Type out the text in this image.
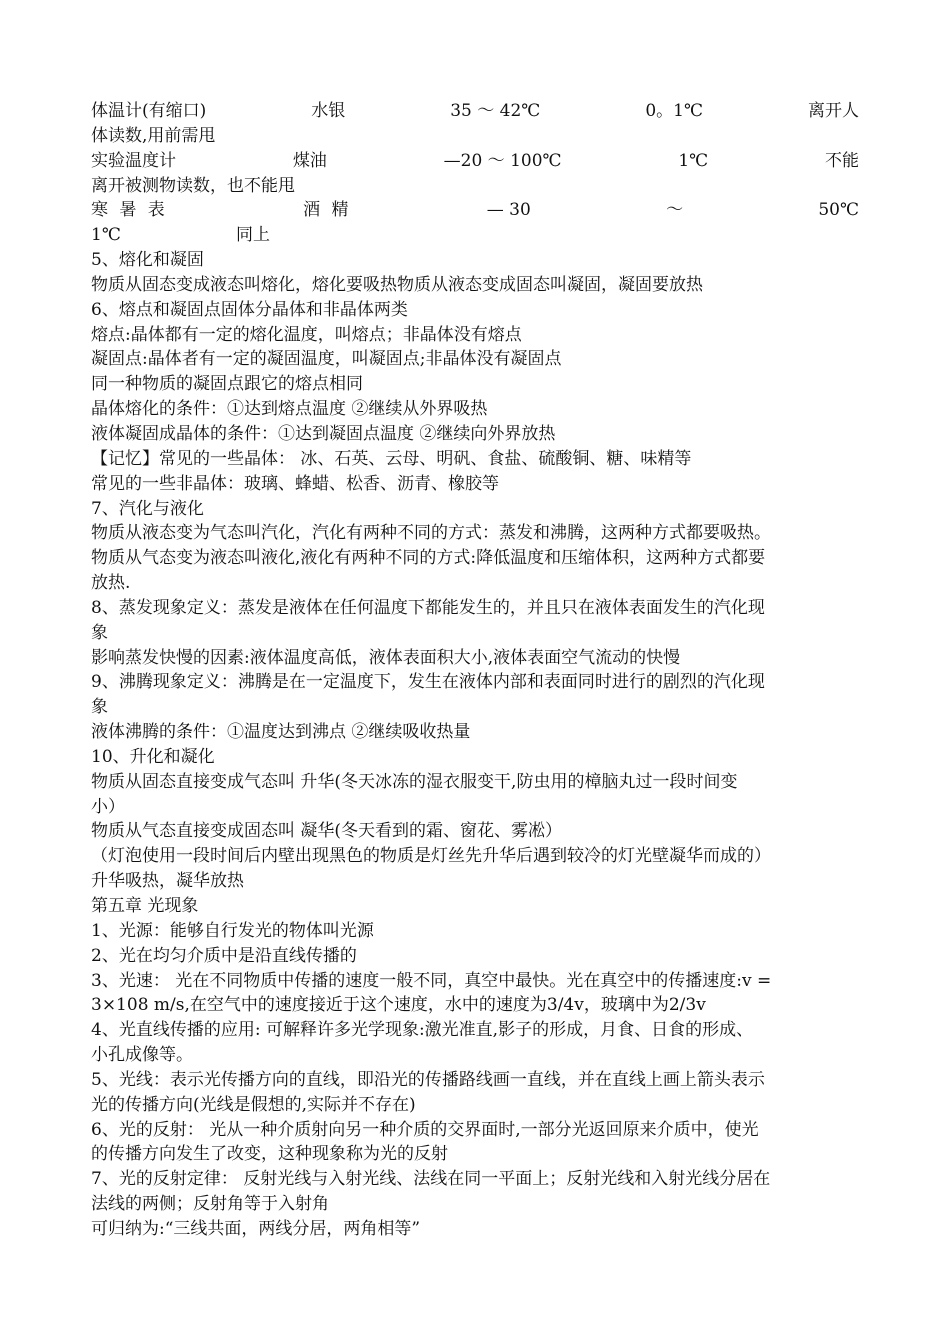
体温计(有缩口)	水银	35 ～ 42℃	0。1℃	离开人
体读数,用前需甩
实验温度计	煤油	—20 ～ 100℃	1℃	不能
离开被测物读数，也不能甩
寒 暑 表	酒 精	— 30	～	50℃
1℃	同上
5、熔化和凝固
物质从固态变成液态叫熔化，熔化要吸热物质从液态变成固态叫凝固，凝固要放热
6、熔点和凝固点固体分晶体和非晶体两类
熔点:晶体都有一定的熔化温度，叫熔点；非晶体没有熔点
凝固点:晶体者有一定的凝固温度，叫凝固点;非晶体没有凝固点
同一种物质的凝固点跟它的熔点相同
晶体熔化的条件：①达到熔点温度 ②继续从外界吸热
液体凝固成晶体的条件：①达到凝固点温度 ②继续向外界放热
【记忆】常见的一些晶体： 冰、石英、云母、明矾、食盐、硫酸铜、糖、味精等
常见的一些非晶体：玻璃、蜂蜡、松香、沥青、橡胶等
7、汽化与液化
物质从液态变为气态叫汽化，汽化有两种不同的方式：蒸发和沸腾，这两种方式都要吸热。
物质从气态变为液态叫液化,液化有两种不同的方式:降低温度和压缩体积，这两种方式都要
放热.
8、蒸发现象定义：蒸发是液体在任何温度下都能发生的，并且只在液体表面发生的汽化现
象
影响蒸发快慢的因素:液体温度高低，液体表面积大小,液体表面空气流动的快慢
9、沸腾现象定义：沸腾是在一定温度下，发生在液体内部和表面同时进行的剧烈的汽化现
象
液体沸腾的条件：①温度达到沸点 ②继续吸收热量
10、升化和凝化
物质从固态直接变成气态叫 升华(冬天冰冻的湿衣服变干,防虫用的樟脑丸过一段时间变
小）
物质从气态直接变成固态叫 凝华(冬天看到的霜、窗花、雾凇）
（灯泡使用一段时间后内壁出现黑色的物质是灯丝先升华后遇到较冷的灯光壁凝华而成的）
升华吸热，凝华放热
第五章 光现象
1、光源：能够自行发光的物体叫光源
2、光在均匀介质中是沿直线传播的
3、光速： 光在不同物质中传播的速度一般不同，真空中最快。光在真空中的传播速度:v =
3×108 m/s,在空气中的速度接近于这个速度，水中的速度为3/4v，玻璃中为2/3v
4、光直线传播的应用: 可解释许多光学现象:激光准直,影子的形成，月食、日食的形成、
小孔成像等。
5、光线：表示光传播方向的直线，即沿光的传播路线画一直线，并在直线上画上箭头表示
光的传播方向(光线是假想的,实际并不存在)
6、光的反射： 光从一种介质射向另一种介质的交界面时,一部分光返回原来介质中，使光
的传播方向发生了改变，这种现象称为光的反射
7、光的反射定律： 反射光线与入射光线、法线在同一平面上；反射光线和入射光线分居在
法线的两侧；反射角等于入射角
可归纳为:“三线共面，两线分居，两角相等”
